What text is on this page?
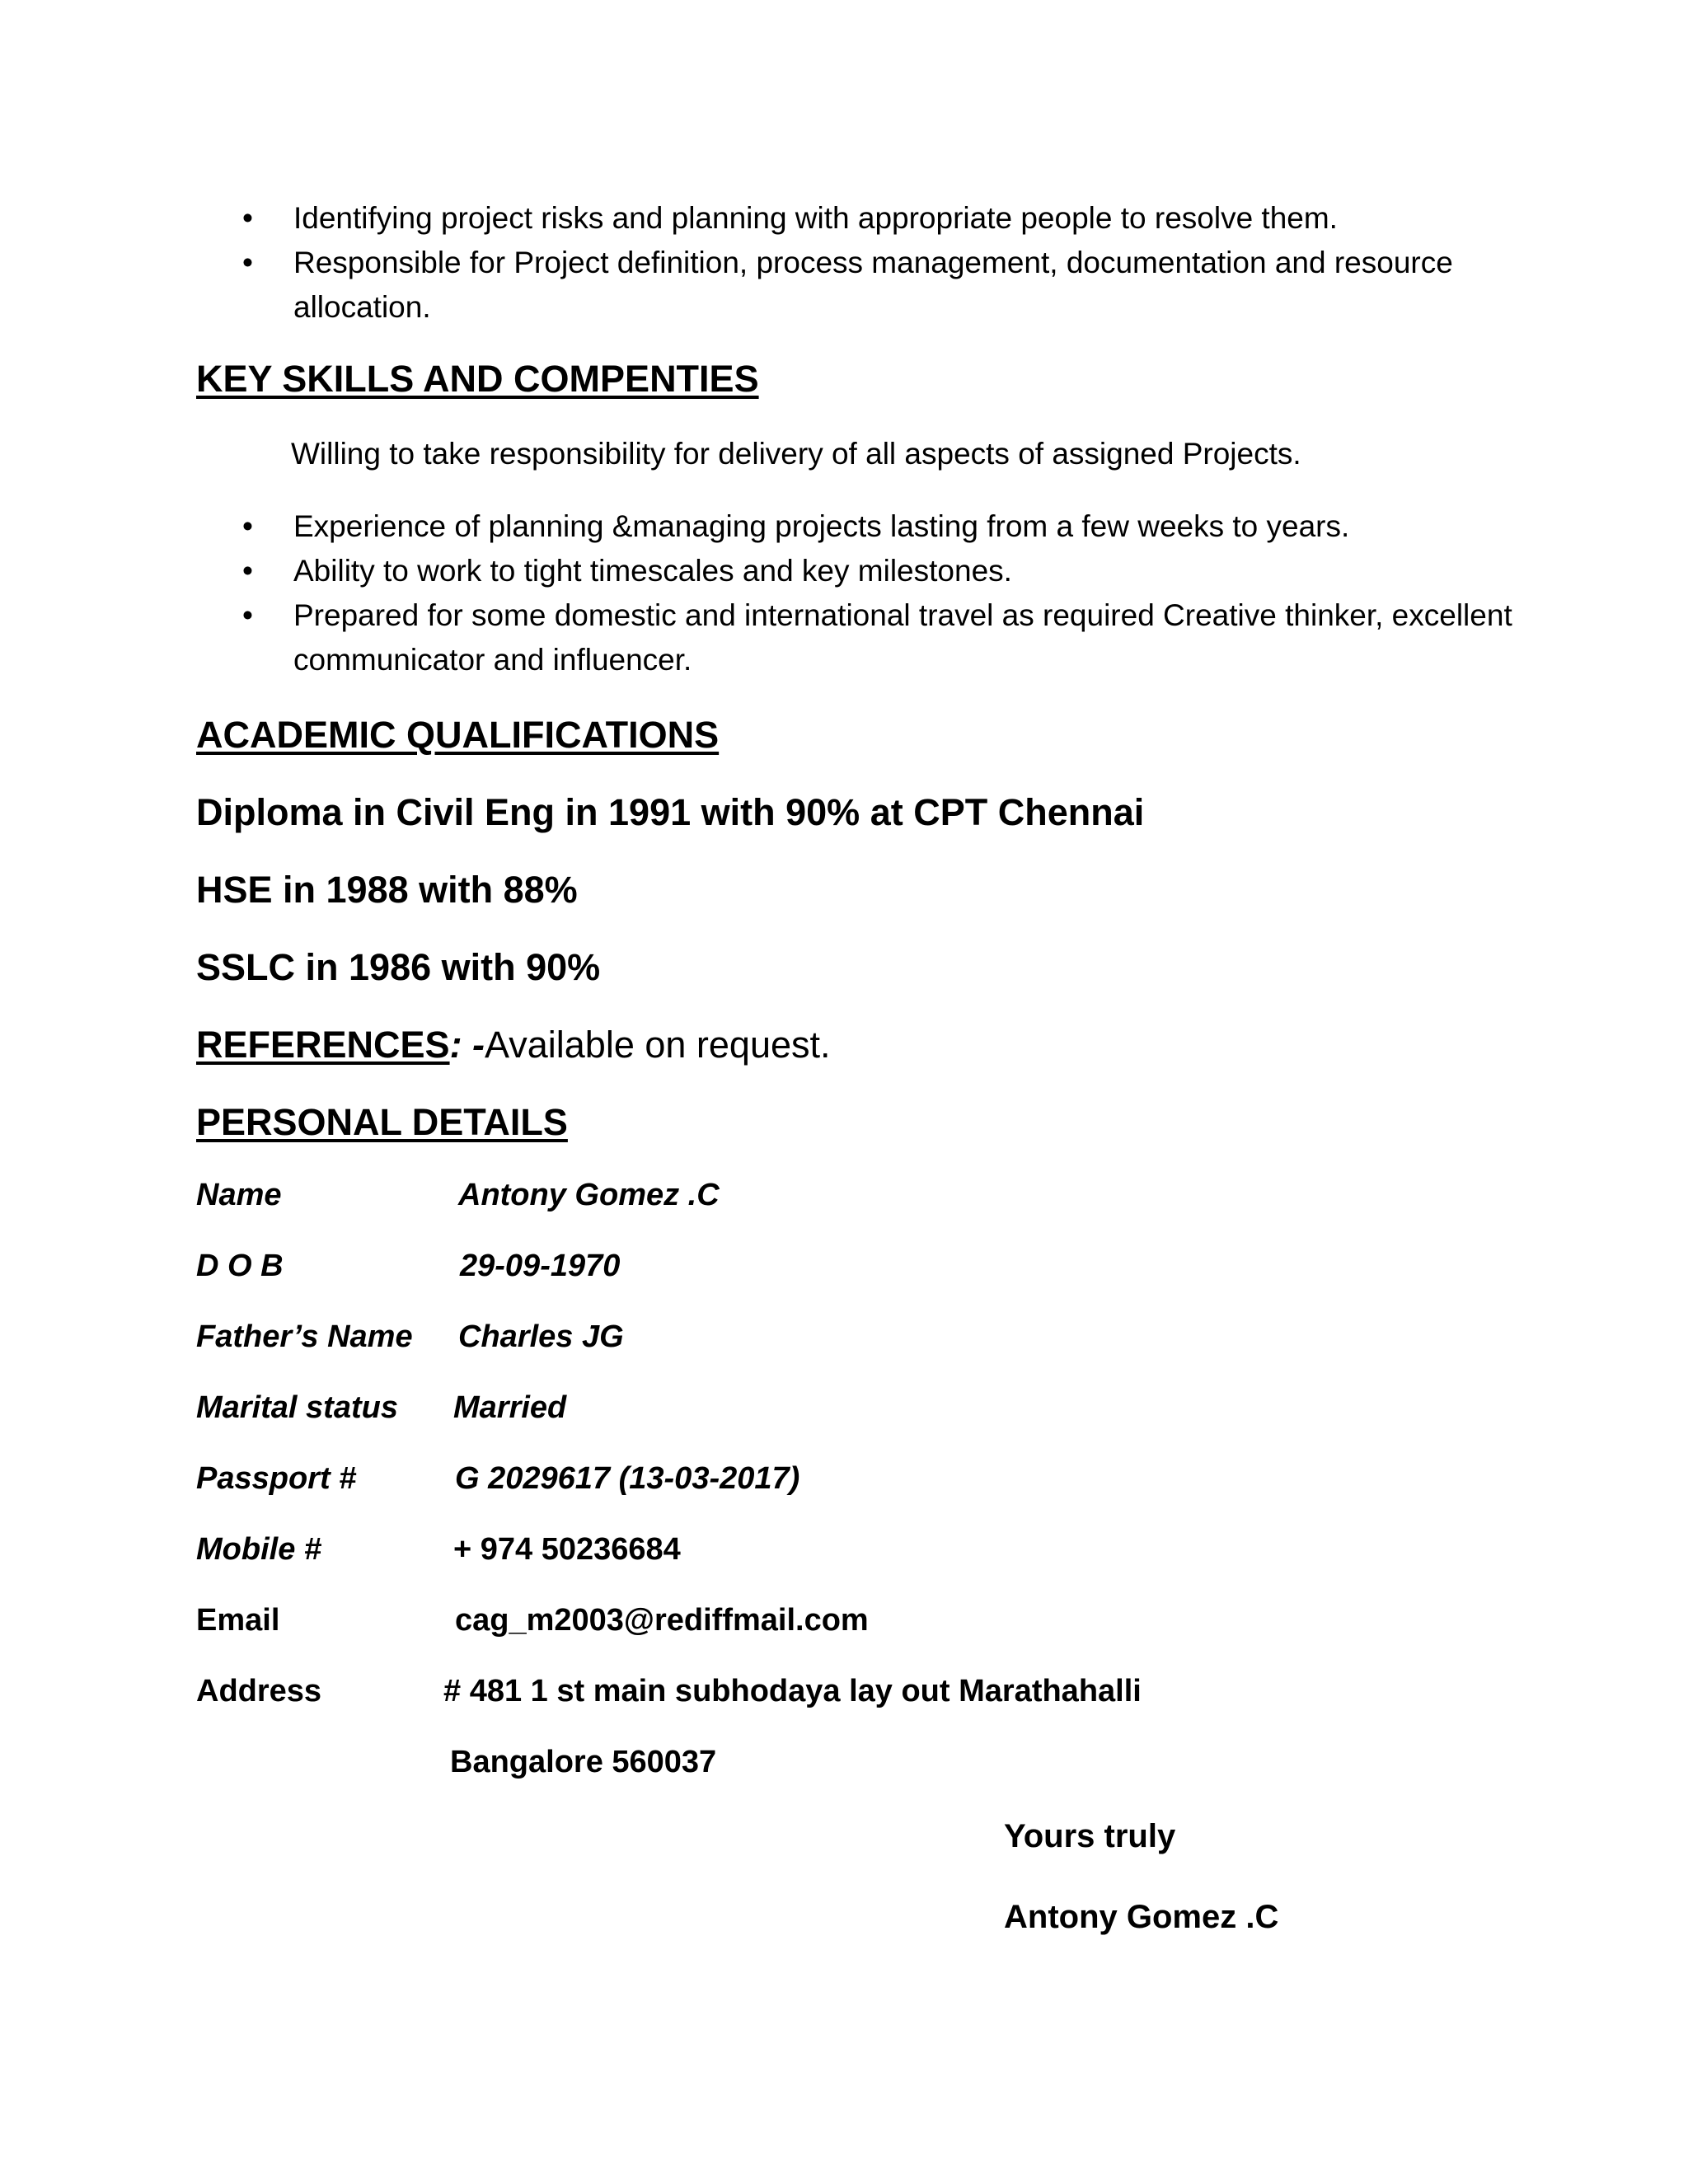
• Identifying project risks and planning with appropriate people to resolve them.
• Responsible for Project definition, process management, documentation and resource allocation.
KEY SKILLS AND COMPENTIES
Willing to take responsibility for delivery of all aspects of assigned Projects.
• Experience of planning &managing projects lasting from a few weeks to years.
• Ability to work to tight timescales and key milestones.
• Prepared for some domestic and international travel as required Creative thinker, excellent communicator and influencer.
ACADEMIC QUALIFICATIONS
Diploma in Civil Eng in 1991 with 90% at CPT Chennai
HSE in 1988 with 88%
SSLC in 1986 with 90%
REFERENCES: -Available on request.
PERSONAL DETAILS
Name	Antony Gomez .C
D O B	29-09-1970
Father’s Name Charles JG
Marital status Married
Passport #	G 2029617 (13-03-2017)
Mobile #	+ 974 50236684
Email	cag_m2003@rediffmail.com
Address	# 481 1 st main subhodaya lay out Marathahalli
Bangalore 560037
Yours truly
Antony Gomez .C
